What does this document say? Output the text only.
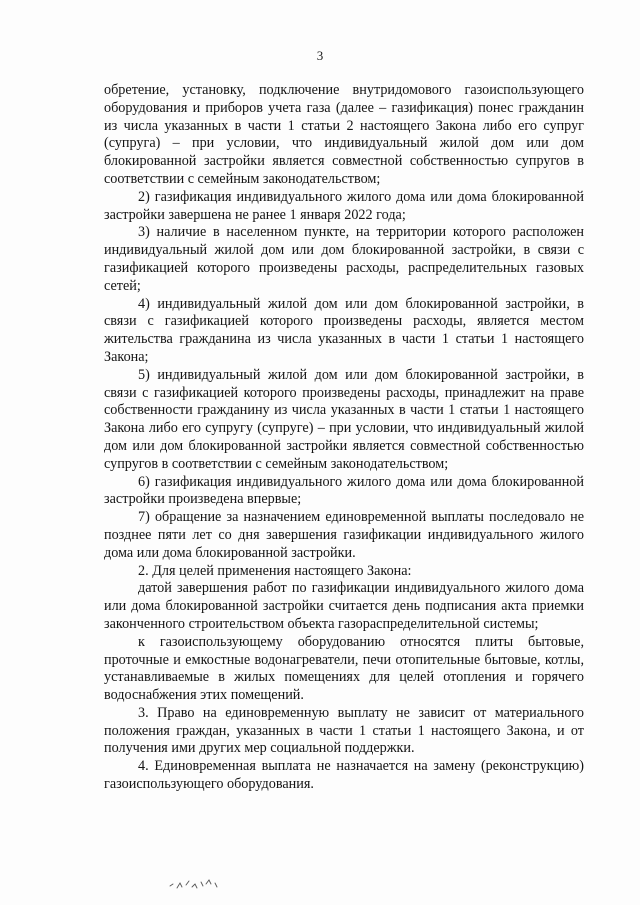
3

обретение, установку, подключение внутридомового газоиспользующего оборудования и приборов учета газа (далее – газификация) понес гражданин из числа указанных в части 1 статьи 2 настоящего Закона либо его супруг (супруга) – при условии, что индивидуальный жилой дом или дом блокированной застройки является совместной собственностью супругов в соответствии с семейным законодательством;

2) газификация индивидуального жилого дома или дома блокированной застройки завершена не ранее 1 января 2022 года;

3) наличие в населенном пункте, на территории которого расположен индивидуальный жилой дом или дом блокированной застройки, в связи с газификацией которого произведены расходы, распределительных газовых сетей;

4) индивидуальный жилой дом или дом блокированной застройки, в связи с газификацией которого произведены расходы, является местом жительства гражданина из числа указанных в части 1 статьи 1 настоящего Закона;

5) индивидуальный жилой дом или дом блокированной застройки, в связи с газификацией которого произведены расходы, принадлежит на праве собственности гражданину из числа указанных в части 1 статьи 1 настоящего Закона либо его супругу (супруге) – при условии, что индивидуальный жилой дом или дом блокированной застройки является совместной собственностью супругов в соответствии с семейным законодательством;

6) газификация индивидуального жилого дома или дома блокированной застройки произведена впервые;

7) обращение за назначением единовременной выплаты последовало не позднее пяти лет со дня завершения газификации индивидуального жилого дома или дома блокированной застройки.

2. Для целей применения настоящего Закона:

датой завершения работ по газификации индивидуального жилого дома или дома блокированной застройки считается день подписания акта приемки законченного строительством объекта газораспределительной системы;

к газоиспользующему оборудованию относятся плиты бытовые, проточные и емкостные водонагреватели, печи отопительные бытовые, котлы, устанавливаемые в жилых помещениях для целей отопления и горячего водоснабжения этих помещений.

3. Право на единовременную выплату не зависит от материального положения граждан, указанных в части 1 статьи 1 настоящего Закона, и от получения ими других мер социальной поддержки.

4. Единовременная выплата не назначается на замену (реконструкцию) газоиспользующего оборудования.
